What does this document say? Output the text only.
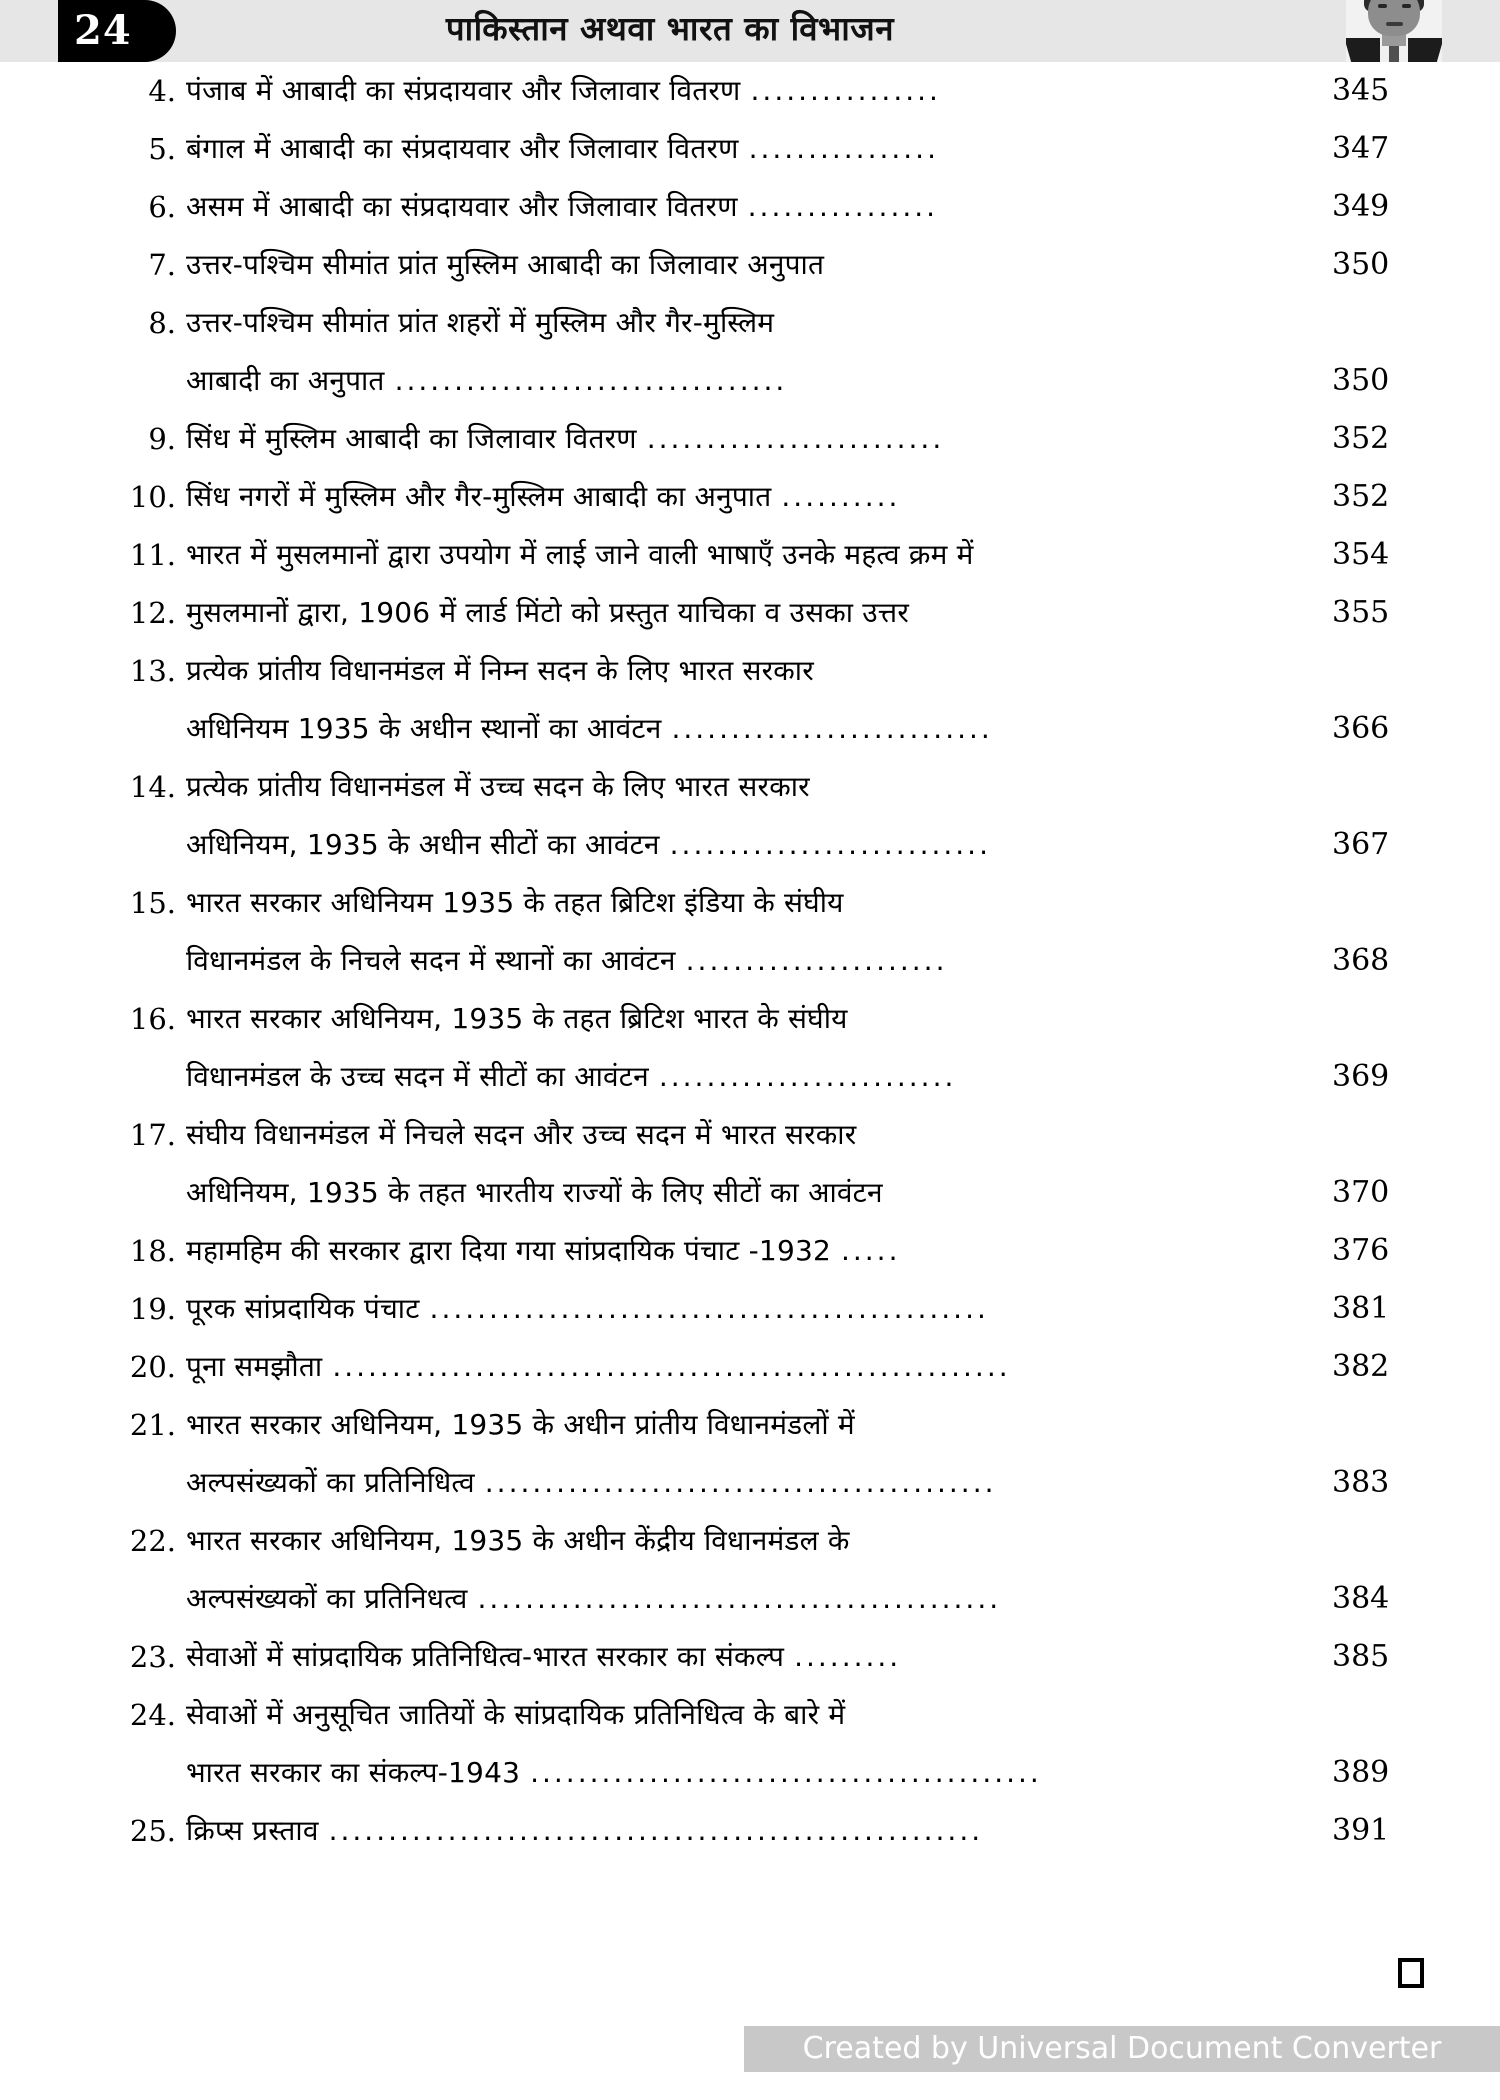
पाकिस्तान अथवा भारत का विभाजन
24
4. पंजाब में आबादी का संप्रदायवार और जिलावार वितरण ................	345
5. बंगाल में आबादी का संप्रदायवार और जिलावार वितरण ................	347
6. असम में आबादी का संप्रदायवार और जिलावार वितरण ................	349
7. उत्तर-पश्चिम सीमांत प्रांत मुस्लिम आबादी का जिलावार अनुपात	350
8. उत्तर-पश्चिम सीमांत प्रांत शहरों में मुस्लिम और गैर-मुस्लिम
आबादी का अनुपात .................................	350
9. सिंध में मुस्लिम आबादी का जिलावार वितरण .........................	352
10. सिंध नगरों में मुस्लिम और गैर-मुस्लिम आबादी का अनुपात ..........	352
11. भारत में मुसलमानों द्वारा उपयोग में लाई जाने वाली भाषाएँ उनके महत्व क्रम में	354
12. मुसलमानों द्वारा, 1906 में लार्ड मिंटो को प्रस्तुत याचिका व उसका उत्तर	355
13. प्रत्येक प्रांतीय विधानमंडल में निम्न सदन के लिए भारत सरकार
अधिनियम 1935 के अधीन स्थानों का आवंटन ...........................	366
14. प्रत्येक प्रांतीय विधानमंडल में उच्च सदन के लिए भारत सरकार
अधिनियम, 1935 के अधीन सीटों का आवंटन ...........................	367
15. भारत सरकार अधिनियम 1935 के तहत ब्रिटिश इंडिया के संघीय
विधानमंडल के निचले सदन में स्थानों का आवंटन ......................	368
16. भारत सरकार अधिनियम, 1935 के तहत ब्रिटिश भारत के संघीय
विधानमंडल के उच्च सदन में सीटों का आवंटन .........................	369
17. संघीय विधानमंडल में निचले सदन और उच्च सदन में भारत सरकार
अधिनियम, 1935 के तहत भारतीय राज्यों के लिए सीटों का आवंटन	370
18. महामहिम की सरकार द्वारा दिया गया सांप्रदायिक पंचाट -1932 .....	376
19. पूरक सांप्रदायिक पंचाट ...............................................	381
20. पूना समझौता .........................................................	382
21. भारत सरकार अधिनियम, 1935 के अधीन प्रांतीय विधानमंडलों में
अल्पसंख्यकों का प्रतिनिधित्व ...........................................	383
22. भारत सरकार अधिनियम, 1935 के अधीन केंद्रीय विधानमंडल के
अल्पसंख्यकों का प्रतिनिधत्व ............................................	384
23. सेवाओं में सांप्रदायिक प्रतिनिधित्व-भारत सरकार का संकल्प .........	385
24. सेवाओं में अनुसूचित जातियों के सांप्रदायिक प्रतिनिधित्व के बारे में
भारत सरकार का संकल्प-1943 ...........................................	389
25. क्रिप्स प्रस्ताव .......................................................	391
Created by Universal Document Converter
